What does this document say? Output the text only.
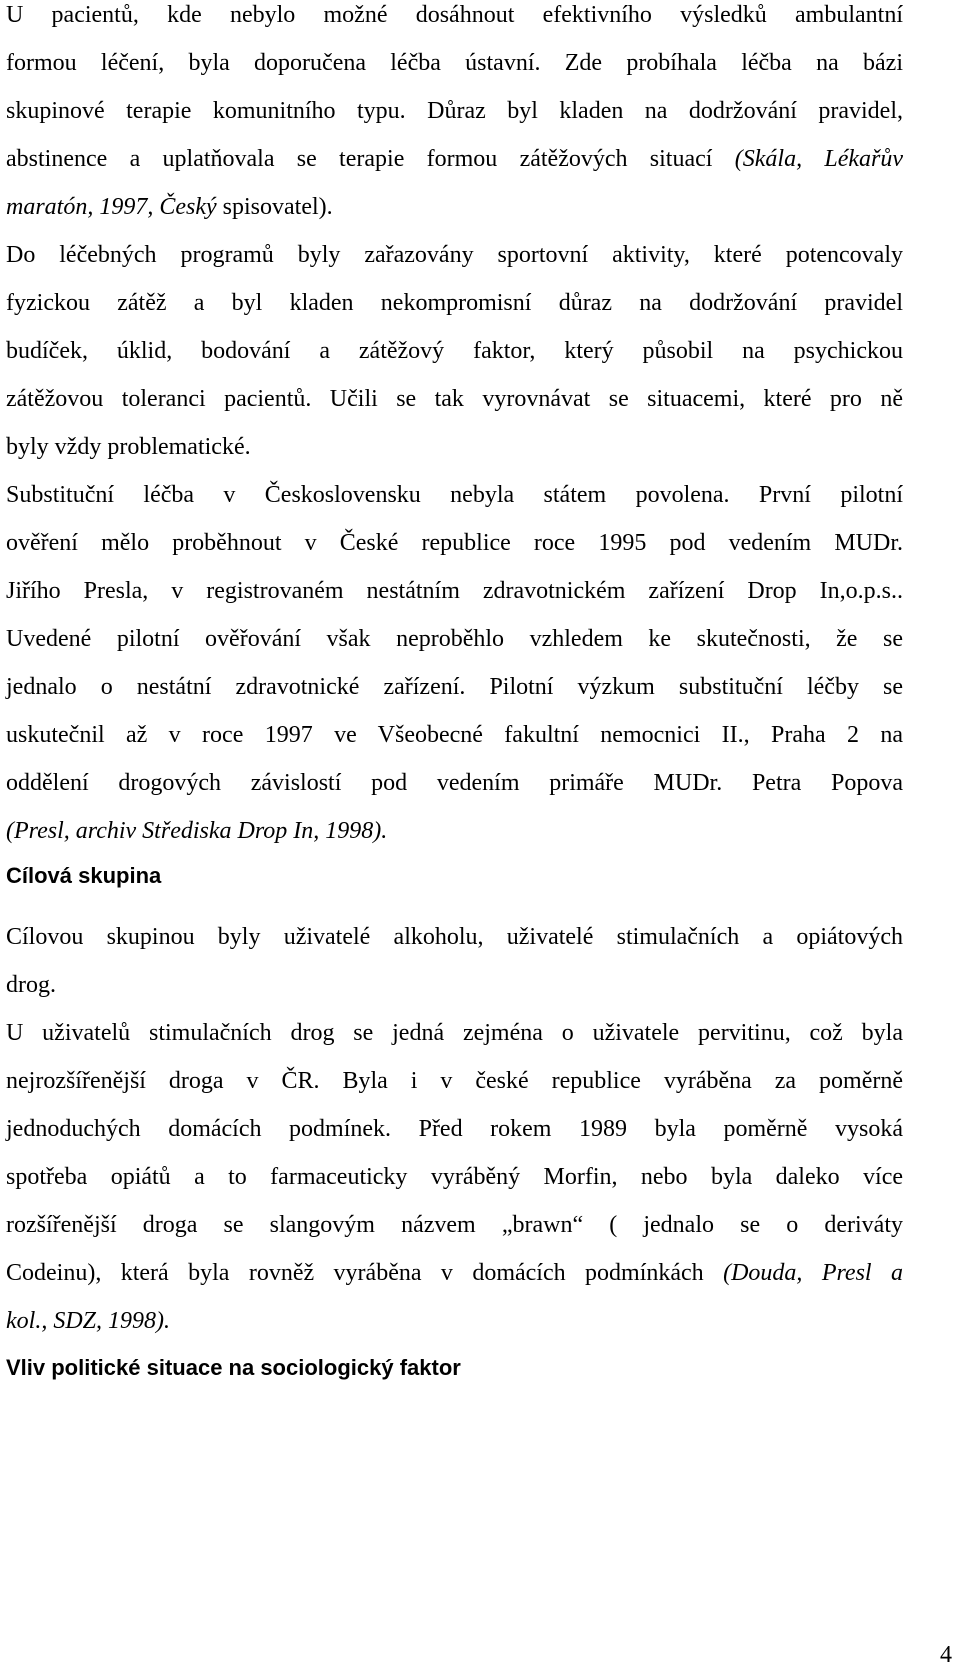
U pacientů, kde nebylo možné dosáhnout efektivního výsledků ambulantní
formou léčení, byla doporučena léčba ústavní. Zde probíhala léčba na bázi
skupinové terapie komunitního typu. Důraz byl kladen na dodržování pravidel,
abstinence a uplatňovala se terapie formou zátěžových situací (Skála, Lékařův
maratón, 1997, Český spisovatel).
Do léčebných programů byly zařazovány sportovní aktivity, které potencovaly
fyzickou zátěž a byl kladen nekompromisní důraz na dodržování pravidel
budíček, úklid, bodování a zátěžový faktor, který působil na psychickou
zátěžovou toleranci pacientů. Učili se tak vyrovnávat se situacemi, které pro ně
byly vždy problematické.
Substituční léčba v Československu nebyla státem povolena. První pilotní
ověření mělo proběhnout v České republice roce 1995 pod vedením MUDr.
Jiřího Presla, v registrovaném nestátním zdravotnickém zařízení Drop In,o.p.s..
Uvedené pilotní ověřování však neproběhlo vzhledem ke skutečnosti, že se
jednalo o nestátní zdravotnické zařízení. Pilotní výzkum substituční léčby se
uskutečnil až v roce 1997 ve Všeobecné fakultní nemocnici II., Praha 2 na
oddělení drogových závislostí pod vedením primáře MUDr. Petra Popova
(Presl, archiv Střediska Drop In, 1998).
Cílová skupina
Cílovou skupinou byly uživatelé alkoholu, uživatelé stimulačních a opiátových
drog.
U uživatelů stimulačních drog se jedná zejména o uživatele pervitinu, což byla
nejrozšířenější droga v ČR. Byla i v české republice vyráběna za poměrně
jednoduchých domácích podmínek. Před rokem 1989 byla poměrně vysoká
spotřeba opiátů a to farmaceuticky vyráběný Morfin, nebo byla daleko více
rozšířenější droga se slangovým názvem „brawn“ ( jednalo se o deriváty
Codeinu), která byla rovněž vyráběna v domácích podmínkách (Douda, Presl a
kol., SDZ, 1998).
Vliv politické situace na sociologický faktor
4
